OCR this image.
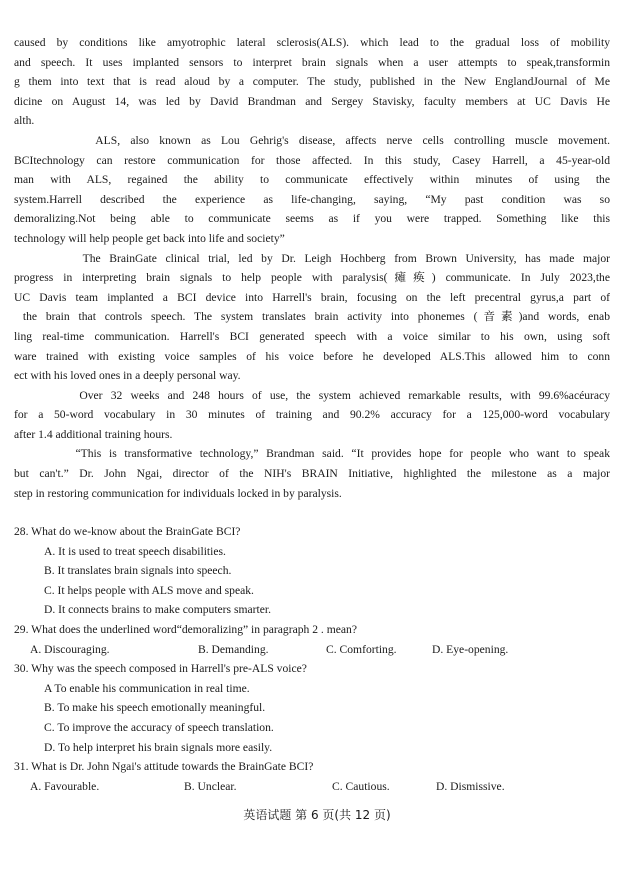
caused by conditions like amyotrophic lateral sclerosis(ALS). which lead to the gradual loss of mobility
and speech. It uses implanted sensors to interpret brain signals when a user attempts to speak,transformin
g them into text that is read aloud by a computer. The study, published in the New EnglandJournal of Me
dicine on August 14, was led by David Brandman and Sergey Stavisky, faculty members at UC Davis He
alth.
ALS, also known as Lou Gehrig's disease, affects nerve cells controlling muscle movement.
BCItechnology can restore communication for those affected. In this study, Casey Harrell, a 45-year-old
man with ALS, regained the ability to communicate effectively within minutes of using the
system.Harrell described the experience as life-changing, saying, “My past condition was so
demoralizing.Not being able to communicate seems as if you were trapped. Something like this
technology will help people get back into life and society”
The BrainGate clinical trial, led by Dr. Leigh Hochberg from Brown University, has made major
progress in interpreting brain signals to help people with paralysis(瘫痪) communicate. In July 2023,the
UC Davis team implanted a BCI device into Harrell's brain, focusing on the left precentral gyrus,a part of
the brain that controls speech. The system translates brain activity into phonemes (音素)and words, enab
ling real-time communication. Harrell's BCI generated speech with a voice similar to his own, using soft
ware trained with existing voice samples of his voice before he developed ALS.This allowed him to conn
ect with his loved ones in a deeply personal way.
Over 32 weeks and 248 hours of use, the system achieved remarkable results, with 99.6%acéuracy
for a 50-word vocabulary in 30 minutes of training and 90.2% accuracy for a 125,000-word vocabulary
after 1.4 additional training hours.
“This is transformative technology,” Brandman said. “It provides hope for people who want to speak
but can't.” Dr. John Ngai, director of the NIH's BRAIN Initiative, highlighted the milestone as a major
step in restoring communication for individuals locked in by paralysis.
28. What do we-know about the BrainGate BCI?
A. It is used to treat speech disabilities.
B. It translates brain signals into speech.
C. It helps people with ALS move and speak.
D. It connects brains to make computers smarter.
29. What does the underlined word“demoralizing” in paragraph 2 . mean?
A. Discouraging.	B. Demanding.	C. Comforting.	D. Eye-opening.
30. Why was the speech composed in Harrell's pre-ALS voice?
A To enable his communication in real time.
B. To make his speech emotionally meaningful.
C. To improve the accuracy of speech translation.
D. To help interpret his brain signals more easily.
31. What is Dr. John Ngai's attitude towards the BrainGate BCI?
A. Favourable.	B. Unclear.	C. Cautious.	D. Dismissive.
英语试题 第 6 页(共 12 页)
